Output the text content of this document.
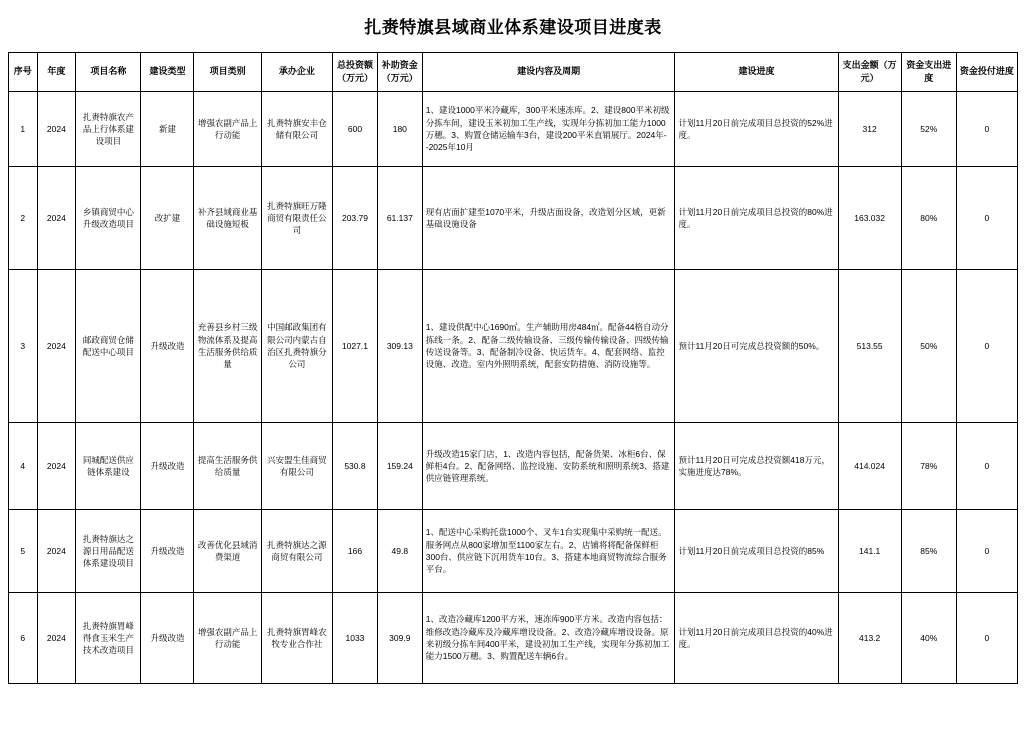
扎赉特旗县域商业体系建设项目进度表
序号	年度	项目名称	建设类型	项目类别	承办企业	总投资额（万元）	补助资金（万元）	建设内容及周期	建设进度	支出金额（万元）	资金支出进度	资金投付进度
1	2024	扎赉特旗农产品上行体系建设项目	新建	增强农副产品上行动能	扎赉特旗安丰仓储有限公司	600	180	1、建设1000平米冷藏库，300平米速冻库。2、建设800平米初级分拣车间，建设玉米初加工生产线，实现年分拣初加工能力1000万穗。3、购置仓储运输车3台，建设200平米直销展厅。2024年--2025年10月	计划11月20日前完成项目总投资的52%进度。	312	52%	0
2	2024	乡镇商贸中心升级改造项目	改扩建	补齐县域商业基础设施短板	扎赉特旗旺万隆商贸有限责任公司	203.79	61.137	现有店面扩建至1070平米，升级店面设备，改造划分区域，更新基础设施设备	计划11月20日前完成项目总投资的80%进度。	163.032	80%	0
3	2024	邮政商贸仓储配送中心项目	升级改造	充善县乡村三级物流体系及提高生活服务供给质量	中国邮政集团有限公司内蒙古自治区扎赉特旗分公司	1027.1	309.13	1、建设供配中心1690㎡。生产辅助用房484㎡。配备44格自动分拣线一条。2、配备二级传输设备、三级传输传输设备、四级传输传送设备等。3、配备制冷设备、快运货车。4、配套网络、监控设施、改造。室内外照明系统，配套安防措施、消防设施等。	预计11月20日可完成总投资额的50%。	513.55	50%	0
4	2024	同城配送供应链体系建设	升级改造	提高生活服务供给质量	兴安盟生佳商贸有限公司	530.8	159.24	升级改造15家门店，1、改造内容包括，配备货架、冰柜6台、保鲜柜4台。2、配备网络、监控设施、安防系统和照明系统3、搭建供应链管理系统。	预计11月20日可完成总投资额418万元，实施进度达78%。	414.024	78%	0
5	2024	扎赉特旗达之源日用品配送体系建设项目	升级改造	改善优化县域消费渠道	扎赉特旗达之源商贸有限公司	166	49.8	1、配送中心采购托盘1000个、叉车1台实现集中采购统一配送。服务网点从800家增加至1100家左右。2、店铺将将配备保鲜柜300台、供应链下沉用货车10台。3、搭建本地商贸物流综合服务平台。	计划11月20日前完成项目总投资的85%	141.1	85%	0
6	2024	扎赉特旗胃峰得食玉米生产技术改造项目	升级改造	增强农副产品上行动能	扎赉特旗胃峰农牧专业合作社	1033	309.9	1、改造冷藏库1200平方米，速冻库900平方米。改造内容包括：维修改造冷藏库及冷藏库增设设备。2、改造冷藏库增设设备。原来初级分拣车间400平米，建设初加工生产线，实现年分拣初加工能力1500万穗。3、购置配送车辆6台。	计划11月20日前完成项目总投资的40%进度。	413.2	40%	0
